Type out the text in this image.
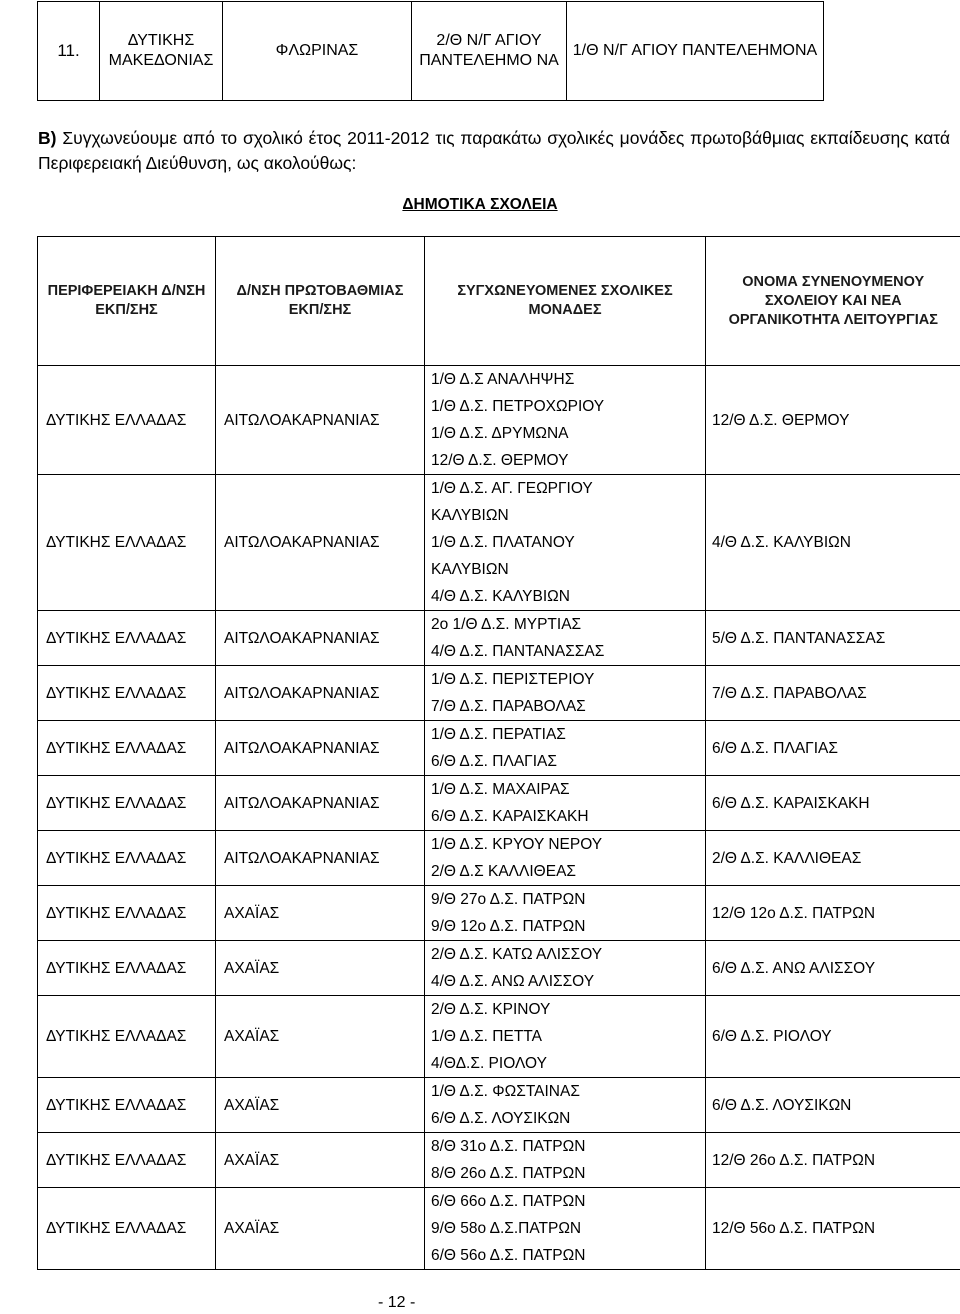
11.	ΔΥΤΙΚΗΣ ΜΑΚΕΔΟΝΙΑΣ	ΦΛΩΡΙΝΑΣ	2/Θ Ν/Γ ΑΓΙΟΥ ΠΑΝΤΕΛΕΗΜΟ ΝΑ	1/Θ Ν/Γ ΑΓΙΟΥ ΠΑΝΤΕΛΕΗΜΟΝΑ
Β) Συγχωνεύουμε από το σχολικό έτος 2011-2012 τις παρακάτω σχολικές μονάδες πρωτοβάθμιας εκπαίδευσης κατά Περιφερειακή Διεύθυνση, ως ακολούθως:
ΔΗΜΟΤΙΚΑ ΣΧΟΛΕΙΑ
ΠΕΡΙΦΕΡΕΙΑΚΗ Δ/ΝΣΗ ΕΚΠ/ΣΗΣ	Δ/ΝΣΗ ΠΡΩΤΟΒΑΘΜΙΑΣ ΕΚΠ/ΣΗΣ	ΣΥΓΧΩΝΕΥΟΜΕΝΕΣ ΣΧΟΛΙΚΕΣ ΜΟΝΑΔΕΣ	ΟΝΟΜΑ ΣΥΝΕΝΟΥΜΕΝΟΥ ΣΧΟΛΕΙΟΥ ΚΑΙ ΝΕΑ ΟΡΓΑΝΙΚΟΤΗΤΑ ΛΕΙΤΟΥΡΓΙΑΣ
ΔΥΤΙΚΗΣ ΕΛΛΑΔΑΣ	ΑΙΤΩΛΟΑΚΑΡΝΑΝΙΑΣ	1/Θ Δ.Σ ΑΝΑΛΗΨΗΣ
1/Θ Δ.Σ. ΠΕΤΡΟΧΩΡΙΟΥ
1/Θ Δ.Σ. ΔΡΥΜΩΝΑ
12/Θ Δ.Σ. ΘΕΡΜΟΥ	12/Θ Δ.Σ. ΘΕΡΜΟΥ
ΔΥΤΙΚΗΣ ΕΛΛΑΔΑΣ	ΑΙΤΩΛΟΑΚΑΡΝΑΝΙΑΣ	1/Θ Δ.Σ. ΑΓ. ΓΕΩΡΓΙΟΥ
ΚΑΛΥΒΙΩΝ
1/Θ Δ.Σ. ΠΛΑΤΑΝΟΥ
ΚΑΛΥΒΙΩΝ
4/Θ Δ.Σ. ΚΑΛΥΒΙΩΝ	4/Θ Δ.Σ. ΚΑΛΥΒΙΩΝ
ΔΥΤΙΚΗΣ ΕΛΛΑΔΑΣ	ΑΙΤΩΛΟΑΚΑΡΝΑΝΙΑΣ	2ο 1/Θ Δ.Σ. ΜΥΡΤΙΑΣ
4/Θ Δ.Σ. ΠΑΝΤΑΝΑΣΣΑΣ	5/Θ Δ.Σ. ΠΑΝΤΑΝΑΣΣΑΣ
ΔΥΤΙΚΗΣ ΕΛΛΑΔΑΣ	ΑΙΤΩΛΟΑΚΑΡΝΑΝΙΑΣ	1/Θ Δ.Σ. ΠΕΡΙΣΤΕΡΙΟΥ
7/Θ Δ.Σ. ΠΑΡΑΒΟΛΑΣ	7/Θ Δ.Σ. ΠΑΡΑΒΟΛΑΣ
ΔΥΤΙΚΗΣ ΕΛΛΑΔΑΣ	ΑΙΤΩΛΟΑΚΑΡΝΑΝΙΑΣ	1/Θ Δ.Σ. ΠΕΡΑΤΙΑΣ
6/Θ Δ.Σ. ΠΛΑΓΙΑΣ	6/Θ Δ.Σ. ΠΛΑΓΙΑΣ
ΔΥΤΙΚΗΣ ΕΛΛΑΔΑΣ	ΑΙΤΩΛΟΑΚΑΡΝΑΝΙΑΣ	1/Θ Δ.Σ. ΜΑΧΑΙΡΑΣ
6/Θ Δ.Σ. ΚΑΡΑΙΣΚΑΚΗ	6/Θ Δ.Σ. ΚΑΡΑΙΣΚΑΚΗ
ΔΥΤΙΚΗΣ ΕΛΛΑΔΑΣ	ΑΙΤΩΛΟΑΚΑΡΝΑΝΙΑΣ	1/Θ Δ.Σ. ΚΡΥΟΥ ΝΕΡΟΥ
2/Θ Δ.Σ ΚΑΛΛΙΘΕΑΣ	2/Θ Δ.Σ. ΚΑΛΛΙΘΕΑΣ
ΔΥΤΙΚΗΣ ΕΛΛΑΔΑΣ	ΑΧΑΪΑΣ	9/Θ 27ο Δ.Σ. ΠΑΤΡΩΝ
9/Θ 12ο Δ.Σ. ΠΑΤΡΩΝ	12/Θ 12ο Δ.Σ. ΠΑΤΡΩΝ
ΔΥΤΙΚΗΣ ΕΛΛΑΔΑΣ	ΑΧΑΪΑΣ	2/Θ Δ.Σ. ΚΑΤΩ ΑΛΙΣΣΟΥ
4/Θ Δ.Σ. ΑΝΩ ΑΛΙΣΣΟΥ	6/Θ Δ.Σ. ΑΝΩ ΑΛΙΣΣΟΥ
ΔΥΤΙΚΗΣ ΕΛΛΑΔΑΣ	ΑΧΑΪΑΣ	2/Θ Δ.Σ. ΚΡΙΝΟΥ
1/Θ Δ.Σ. ΠΕΤΤΑ
4/ΘΔ.Σ. ΡΙΟΛΟΥ	6/Θ Δ.Σ. ΡΙΟΛΟΥ
ΔΥΤΙΚΗΣ ΕΛΛΑΔΑΣ	ΑΧΑΪΑΣ	1/Θ Δ.Σ. ΦΩΣΤΑΙΝΑΣ
6/Θ Δ.Σ. ΛΟΥΣΙΚΩΝ	6/Θ Δ.Σ. ΛΟΥΣΙΚΩΝ
ΔΥΤΙΚΗΣ ΕΛΛΑΔΑΣ	ΑΧΑΪΑΣ	8/Θ 31ο Δ.Σ. ΠΑΤΡΩΝ
8/Θ 26ο Δ.Σ. ΠΑΤΡΩΝ	12/Θ 26ο Δ.Σ. ΠΑΤΡΩΝ
ΔΥΤΙΚΗΣ ΕΛΛΑΔΑΣ	ΑΧΑΪΑΣ	6/Θ 66ο Δ.Σ. ΠΑΤΡΩΝ
9/Θ 58ο Δ.Σ.ΠΑΤΡΩΝ
6/Θ 56ο Δ.Σ. ΠΑΤΡΩΝ	12/Θ 56ο Δ.Σ. ΠΑΤΡΩΝ
- 12 -
